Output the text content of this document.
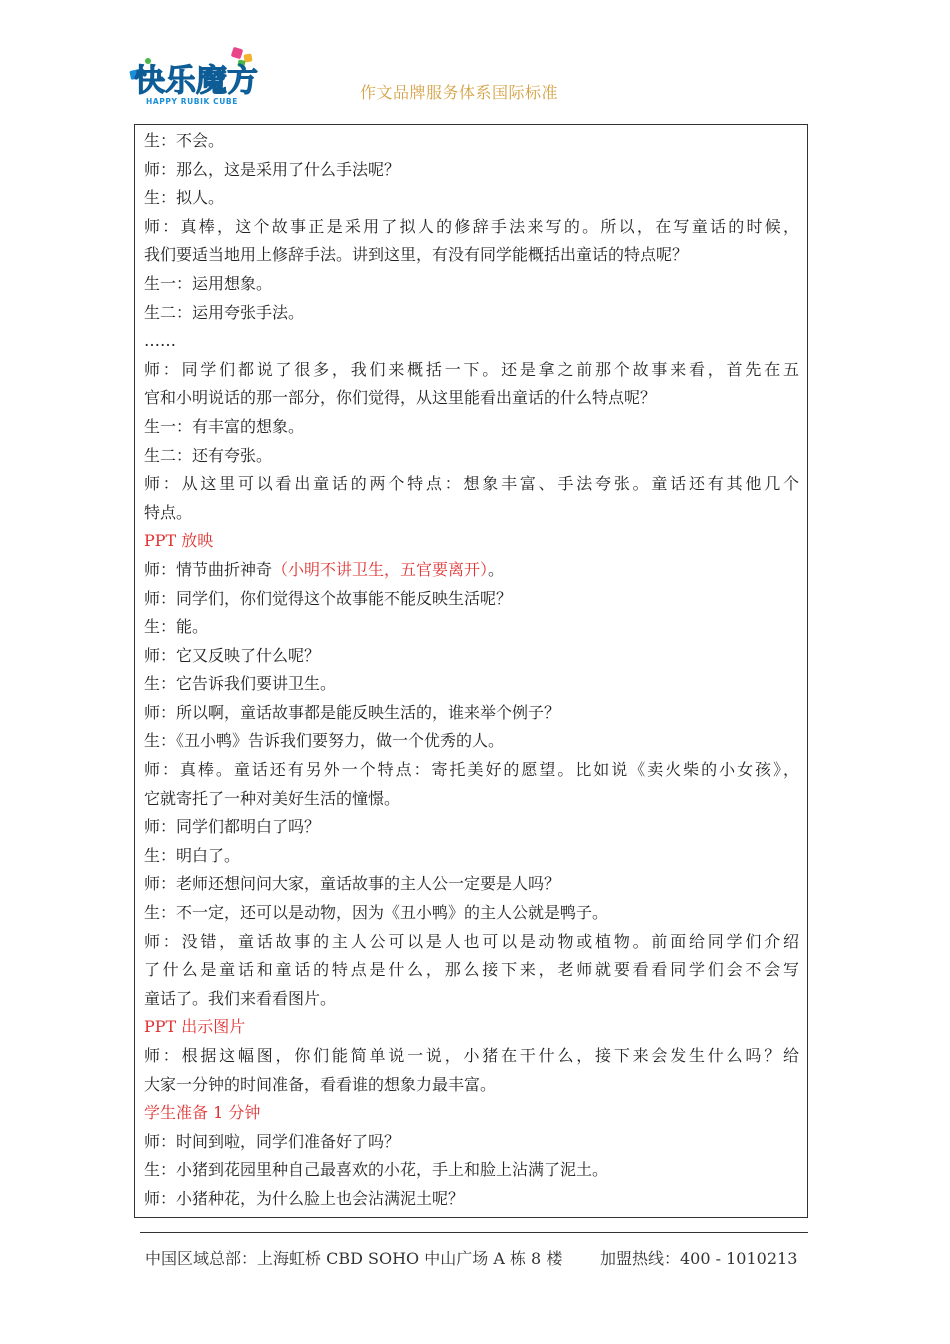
快乐魔方
HAPPY RUBIK CUBE	作文品牌服务体系国际标准
生：不会。
师：那么，这是采用了什么手法呢？
生：拟人。
师：真棒，这个故事正是采用了拟人的修辞手法来写的。所以，在写童话的时候，
我们要适当地用上修辞手法。讲到这里，有没有同学能概括出童话的特点呢？
生一：运用想象。
生二：运用夸张手法。
……
师：同学们都说了很多，我们来概括一下。还是拿之前那个故事来看，首先在五
官和小明说话的那一部分，你们觉得，从这里能看出童话的什么特点呢？
生一：有丰富的想象。
生二：还有夸张。
师：从这里可以看出童话的两个特点：想象丰富、手法夸张。童话还有其他几个
特点。
PPT 放映
师：情节曲折神奇（小明不讲卫生，五官要离开）。
师：同学们，你们觉得这个故事能不能反映生活呢？
生：能。
师：它又反映了什么呢？
生：它告诉我们要讲卫生。
师：所以啊，童话故事都是能反映生活的，谁来举个例子？
生：《丑小鸭》告诉我们要努力，做一个优秀的人。
师：真棒。童话还有另外一个特点：寄托美好的愿望。比如说《卖火柴的小女孩》，
它就寄托了一种对美好生活的憧憬。
师：同学们都明白了吗？
生：明白了。
师：老师还想问问大家，童话故事的主人公一定要是人吗？
生：不一定，还可以是动物，因为《丑小鸭》的主人公就是鸭子。
师：没错，童话故事的主人公可以是人也可以是动物或植物。前面给同学们介绍
了什么是童话和童话的特点是什么，那么接下来，老师就要看看同学们会不会写
童话了。我们来看看图片。
PPT 出示图片
师：根据这幅图，你们能简单说一说，小猪在干什么，接下来会发生什么吗？给
大家一分钟的时间准备，看看谁的想象力最丰富。
学生准备 1 分钟
师：时间到啦，同学们准备好了吗？
生：小猪到花园里种自己最喜欢的小花，手上和脸上沾满了泥土。
师：小猪种花，为什么脸上也会沾满泥土呢？
中国区域总部：上海虹桥 CBD SOHO 中山广场 A 栋 8 楼 加盟热线：400 - 1010213
